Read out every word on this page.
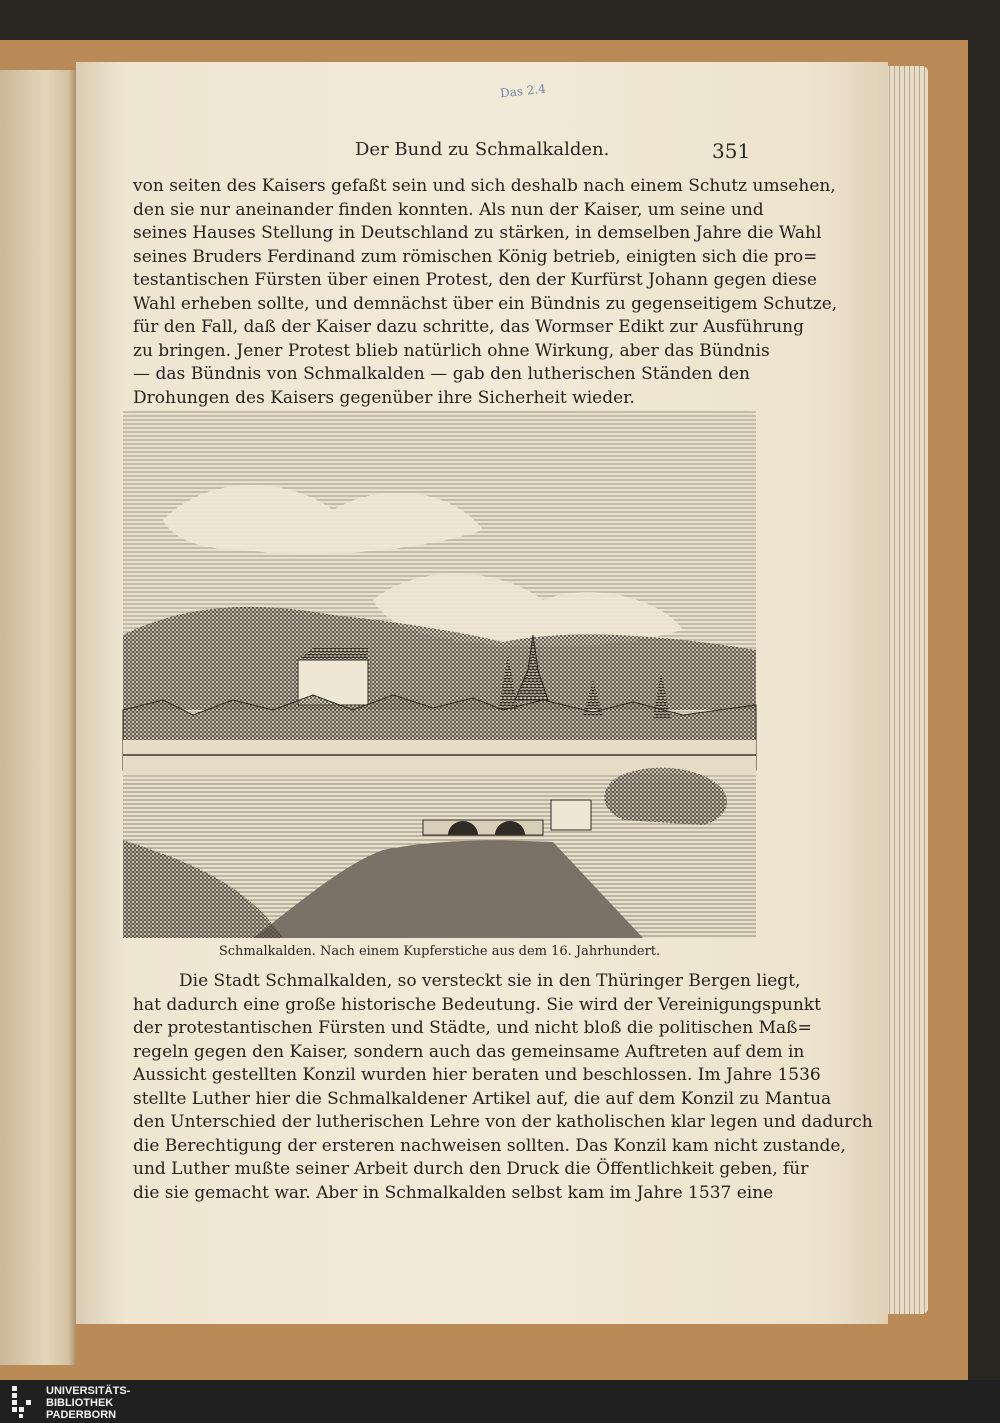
Das 2.4
Der Bund zu Schmalkalden.	351
von seiten des Kaisers gefaßt sein und sich deshalb nach einem Schutz umsehen,
den sie nur aneinander finden konnten. Als nun der Kaiser, um seine und
seines Hauses Stellung in Deutschland zu stärken, in demselben Jahre die Wahl
seines Bruders Ferdinand zum römischen König betrieb, einigten sich die pro=
testantischen Fürsten über einen Protest, den der Kurfürst Johann gegen diese
Wahl erheben sollte, und demnächst über ein Bündnis zu gegenseitigem Schutze,
für den Fall, daß der Kaiser dazu schritte, das Wormser Edikt zur Ausführung
zu bringen. Jener Protest blieb natürlich ohne Wirkung, aber das Bündnis
— das Bündnis von Schmalkalden — gab den lutherischen Ständen den
Drohungen des Kaisers gegenüber ihre Sicherheit wieder.
Schmalkalden. Nach einem Kupferstiche aus dem 16. Jahrhundert.
Die Stadt Schmalkalden, so versteckt sie in den Thüringer Bergen liegt,
hat dadurch eine große historische Bedeutung. Sie wird der Vereinigungspunkt
der protestantischen Fürsten und Städte, und nicht bloß die politischen Maß=
regeln gegen den Kaiser, sondern auch das gemeinsame Auftreten auf dem in
Aussicht gestellten Konzil wurden hier beraten und beschlossen. Im Jahre 1536
stellte Luther hier die Schmalkaldener Artikel auf, die auf dem Konzil zu Mantua
den Unterschied der lutherischen Lehre von der katholischen klar legen und dadurch
die Berechtigung der ersteren nachweisen sollten. Das Konzil kam nicht zustande,
und Luther mußte seiner Arbeit durch den Druck die Öffentlichkeit geben, für
die sie gemacht war. Aber in Schmalkalden selbst kam im Jahre 1537 eine
UNIVERSITÄTS-
BIBLIOTHEK
PADERBORN
